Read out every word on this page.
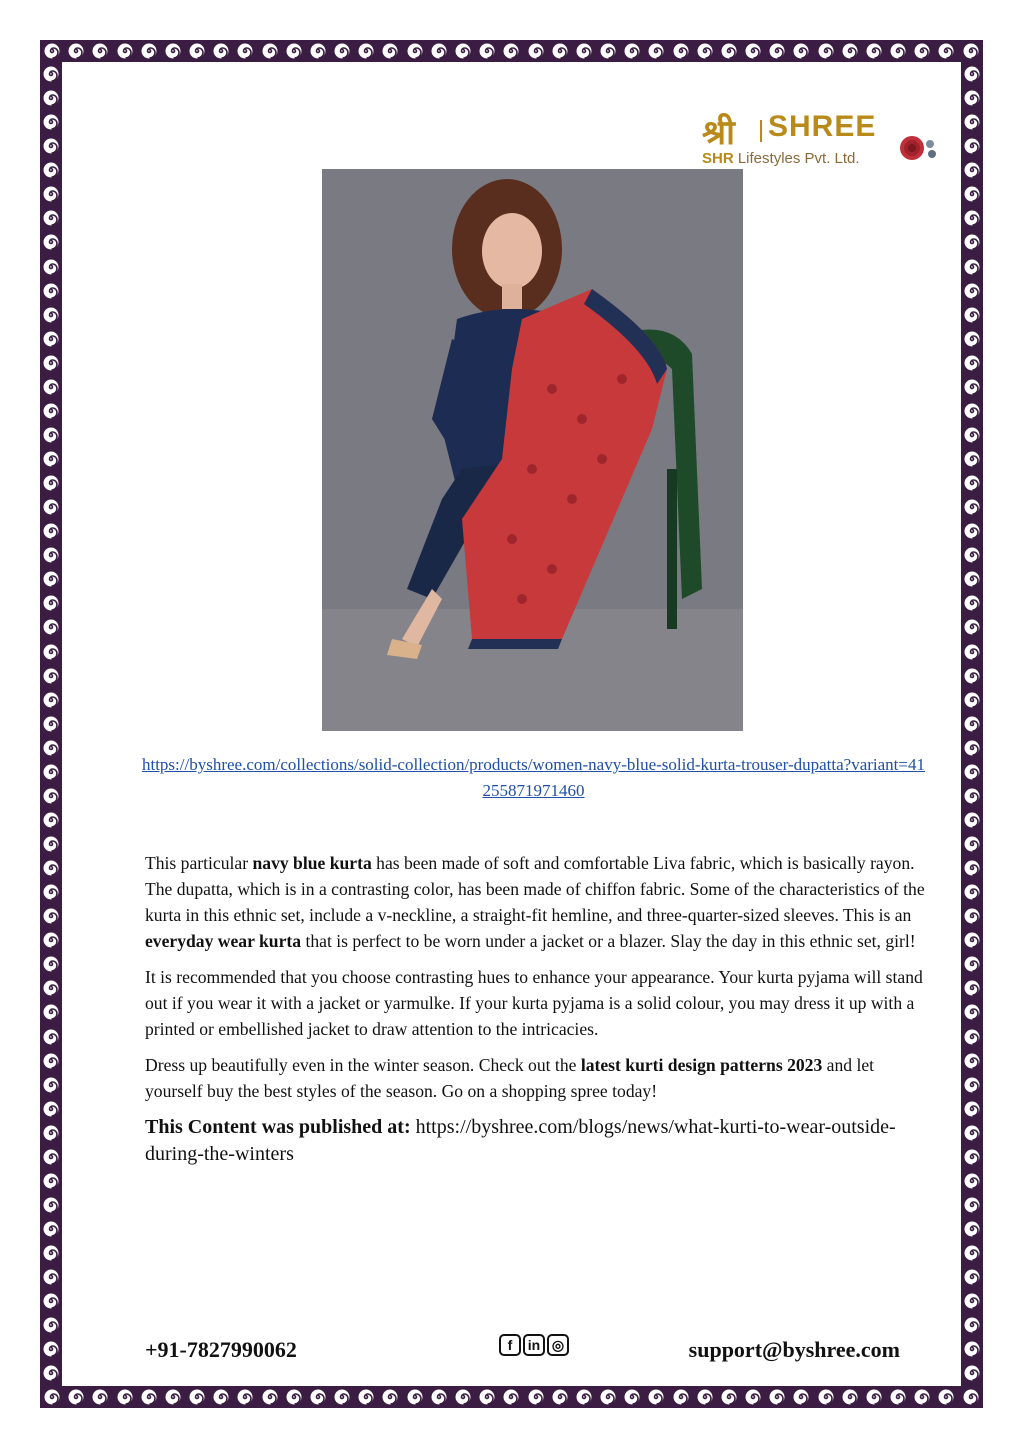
श्री SHREE
SHR Lifestyles Pvt. Ltd.
https://byshree.com/collections/solid-collection/products/women-navy-blue-solid-kurta-trouser-dupatta?variant=41255871971460

This particular navy blue kurta has been made of soft and comfortable Liva fabric, which is basically rayon. The dupatta, which is in a contrasting color, has been made of chiffon fabric. Some of the characteristics of the kurta in this ethnic set, include a v-neckline, a straight-fit hemline, and three-quarter-sized sleeves. This is an everyday wear kurta that is perfect to be worn under a jacket or a blazer. Slay the day in this ethnic set, girl!

It is recommended that you choose contrasting hues to enhance your appearance. Your kurta pyjama will stand out if you wear it with a jacket or yarmulke. If your kurta pyjama is a solid colour, you may dress it up with a printed or embellished jacket to draw attention to the intricacies.

Dress up beautifully even in the winter season. Check out the latest kurti design patterns 2023 and let yourself buy the best styles of the season. Go on a shopping spree today!

This Content was published at: https://byshree.com/blogs/news/what-kurti-to-wear-outside-during-the-winters
+91-7827990062	f	in ◎	support@byshree.com
